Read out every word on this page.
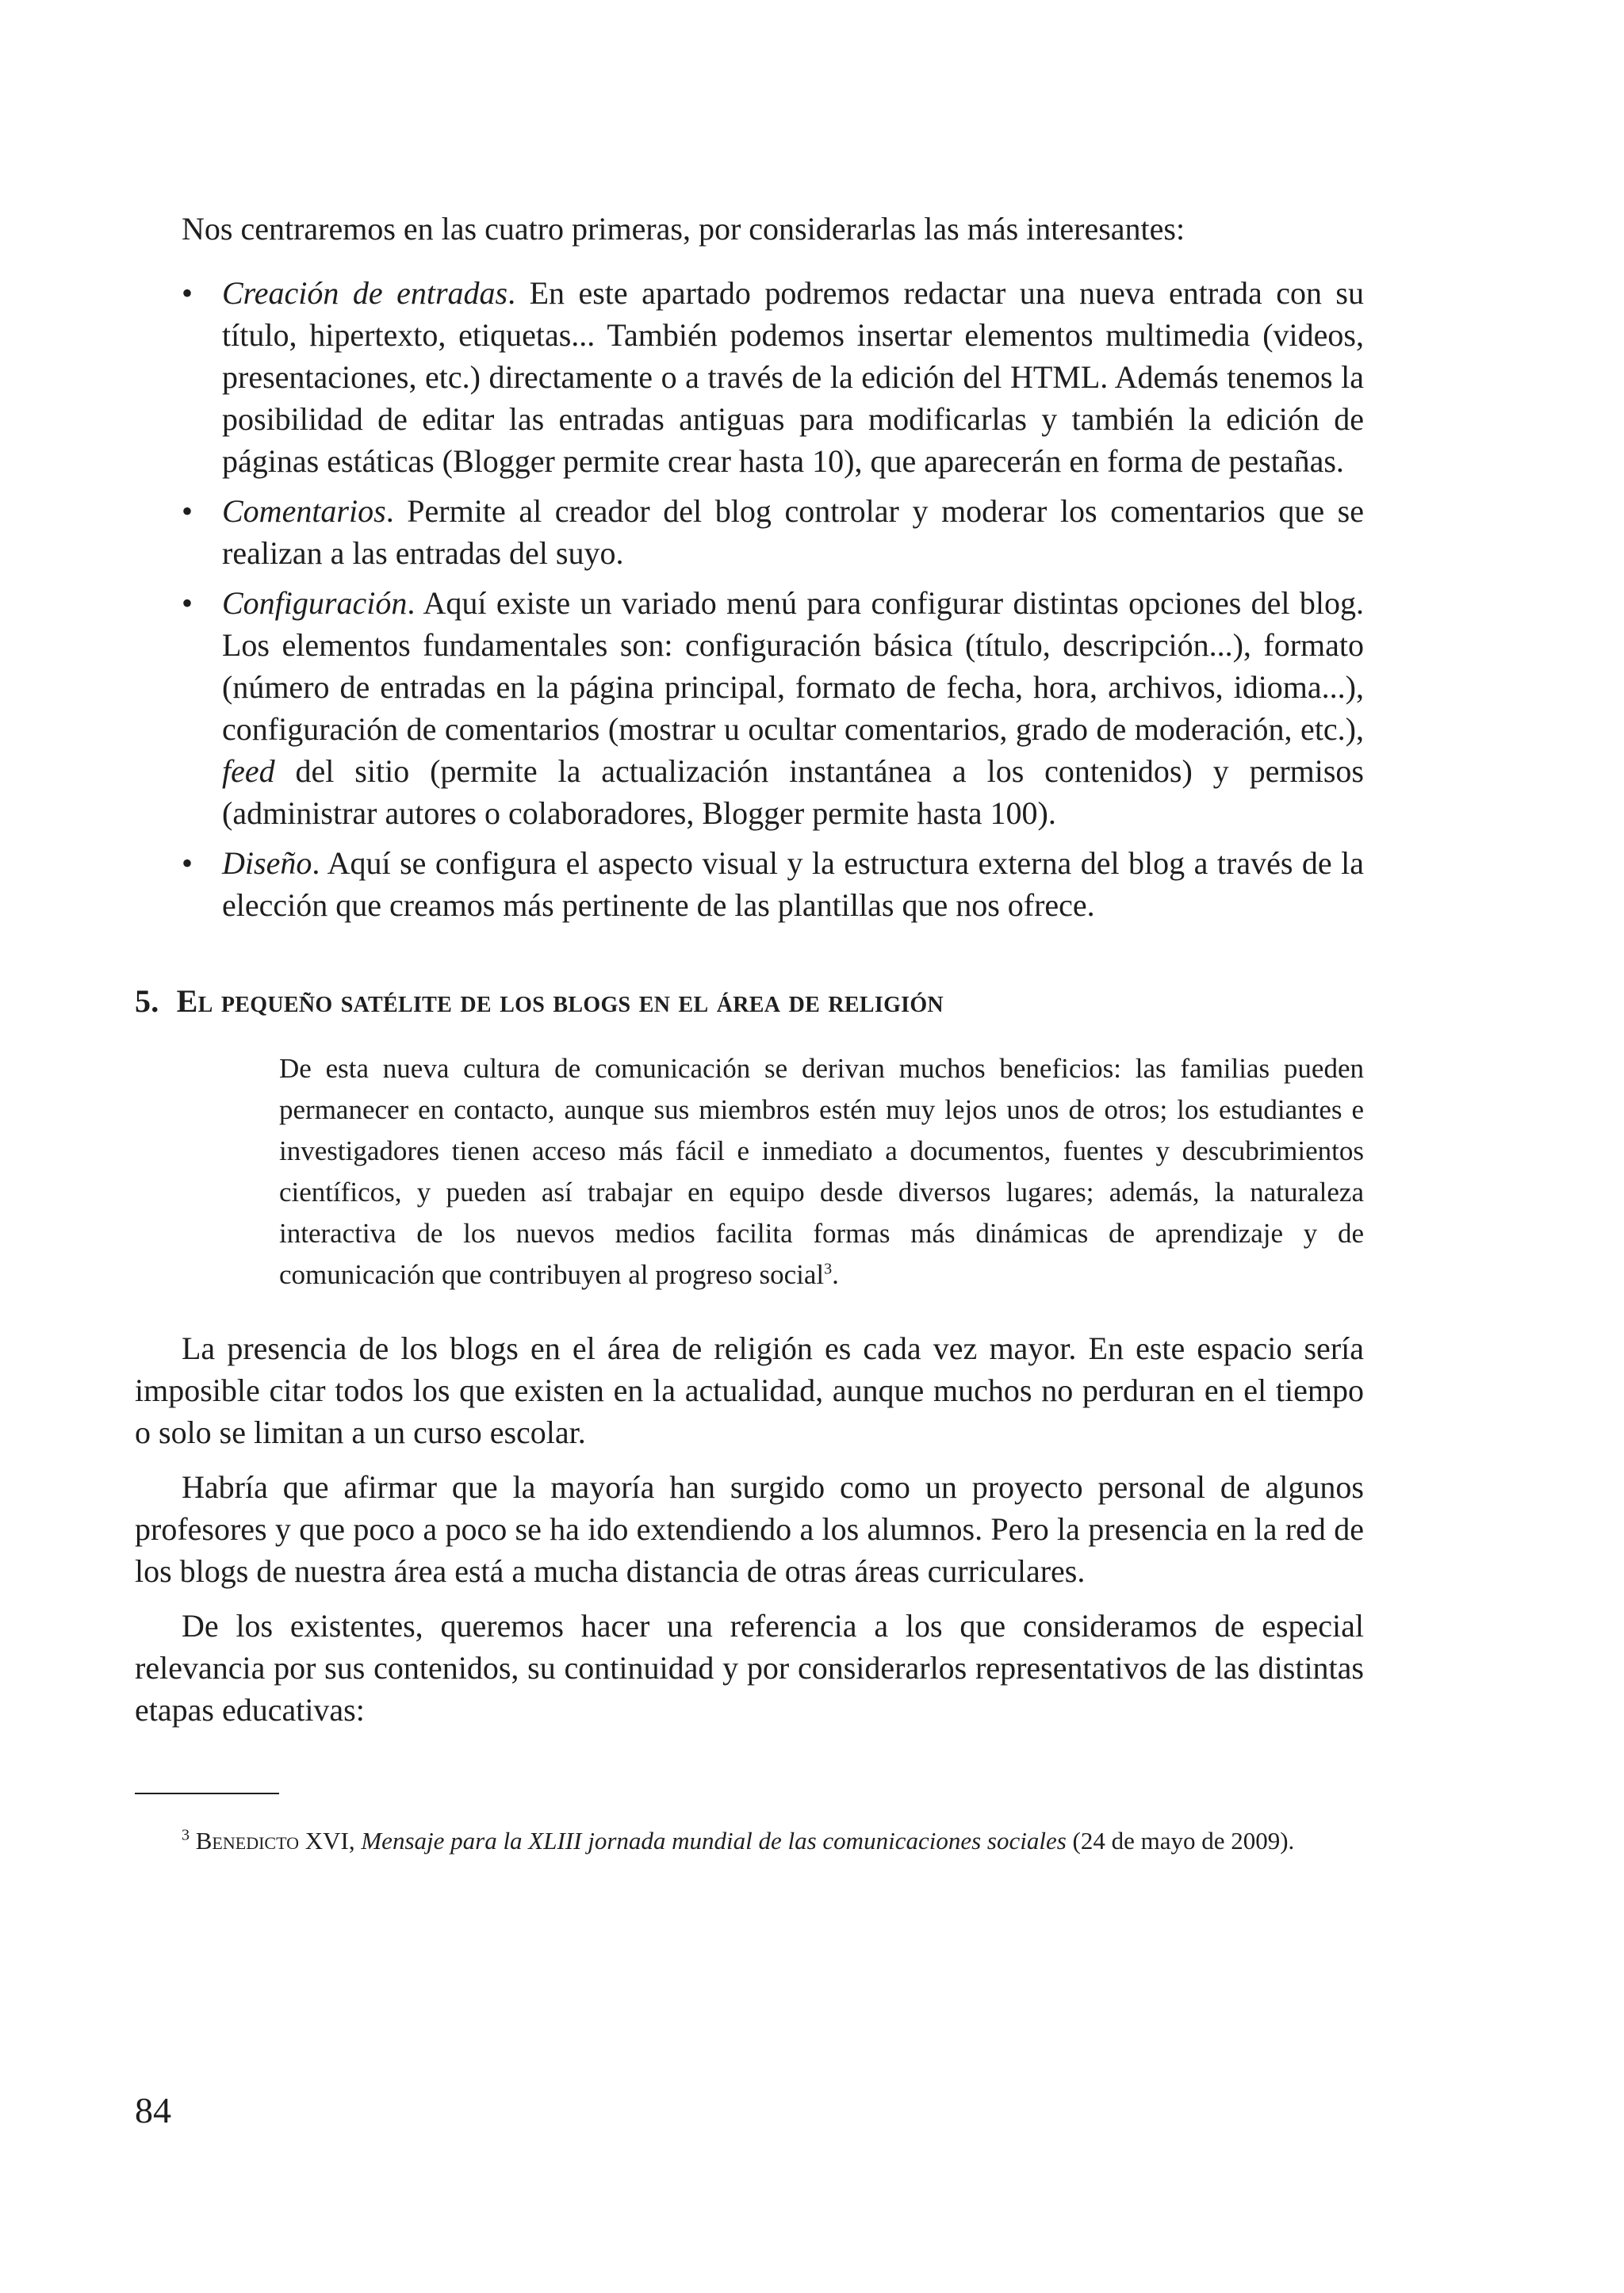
Nos centraremos en las cuatro primeras, por considerarlas las más interesantes:

• Creación de entradas. En este apartado podremos redactar una nueva entrada con su título, hipertexto, etiquetas... También podemos insertar elementos multimedia (videos, presentaciones, etc.) directamente o a través de la edición del HTML. Además tenemos la posibilidad de editar las entradas antiguas para modificarlas y también la edición de páginas estáticas (Blogger permite crear hasta 10), que aparecerán en forma de pestañas.
• Comentarios. Permite al creador del blog controlar y moderar los comentarios que se realizan a las entradas del suyo.
• Configuración. Aquí existe un variado menú para configurar distintas opciones del blog. Los elementos fundamentales son: configuración básica (título, descripción...), formato (número de entradas en la página principal, formato de fecha, hora, archivos, idioma...), configuración de comentarios (mostrar u ocultar comentarios, grado de moderación, etc.), feed del sitio (permite la actualización instantánea a los contenidos) y permisos (administrar autores o colaboradores, Blogger permite hasta 100).
• Diseño. Aquí se configura el aspecto visual y la estructura externa del blog a través de la elección que creamos más pertinente de las plantillas que nos ofrece.
5. El pequeño satélite de los blogs en el área de religión

De esta nueva cultura de comunicación se derivan muchos beneficios: las familias pueden permanecer en contacto, aunque sus miembros estén muy lejos unos de otros; los estudiantes e investigadores tienen acceso más fácil e inmediato a documentos, fuentes y descubrimientos científicos, y pueden así trabajar en equipo desde diversos lugares; además, la naturaleza interactiva de los nuevos medios facilita formas más dinámicas de aprendizaje y de comunicación que contribuyen al progreso social$^3$.

La presencia de los blogs en el área de religión es cada vez mayor. En este espacio sería imposible citar todos los que existen en la actualidad, aunque muchos no perduran en el tiempo o solo se limitan a un curso escolar.

Habría que afirmar que la mayoría han surgido como un proyecto personal de algunos profesores y que poco a poco se ha ido extendiendo a los alumnos. Pero la presencia en la red de los blogs de nuestra área está a mucha distancia de otras áreas curriculares.

De los existentes, queremos hacer una referencia a los que consideramos de especial relevancia por sus contenidos, su continuidad y por considerarlos representativos de las distintas etapas educativas:

$^3$ Benedicto XVI, Mensaje para la XLIII jornada mundial de las comunicaciones sociales (24 de mayo de 2009).

84
